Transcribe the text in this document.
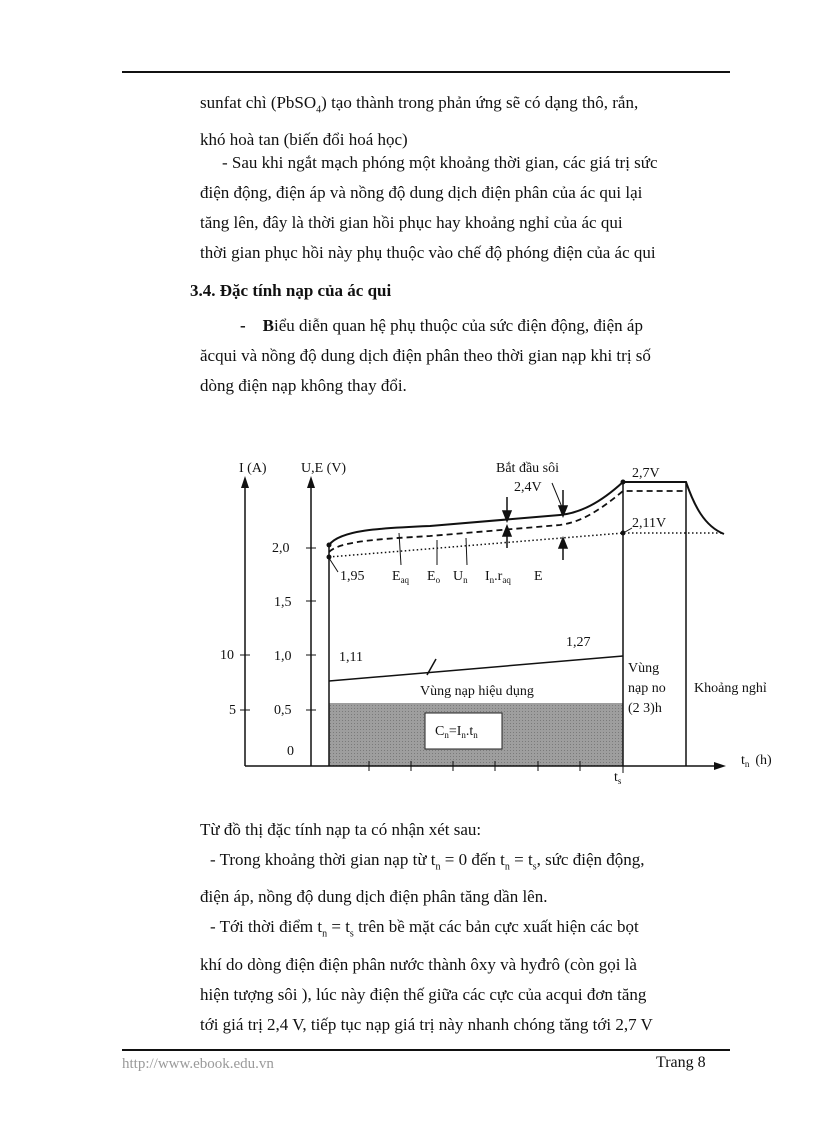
sunfat chì (PbSO$_4$) tạo thành trong phản ứng sẽ có dạng thô, rắn,
khó hoà tan (biến đổi hoá học)
- Sau khi ngắt mạch phóng một khoảng thời gian, các giá trị sức
điện động, điện áp và nồng độ dung dịch điện phân của ác qui lại
tăng lên, đây là thời gian hồi phục hay khoảng nghỉ của ác qui
thời gian phục hồi này phụ thuộc vào chế độ phóng điện của ác qui
3.4. Đặc tính nạp của ác qui
- Biểu diễn quan hệ phụ thuộc của sức điện động, điện áp
ăcqui và nồng độ dung dịch điện phân theo thời gian nạp khi trị số
dòng điện nạp không thay đổi.
I (A) U,E (V)
10
5
2,0
1,5
1,0
0,5
0
$t_n$ (h)
$t_s$
Bắt đầu sôi
2,4V
2,7V
2,11V
1,95 $E_{aq}$ $E_o$ $U_n$ $I_n.r_{aq}$ E
1,11
1,27
Vùng nạp hiệu dụng
$C_n=I_n.t_n$
Vùng
nạp no
(2 3)h
Khoảng nghỉ
Từ đồ thị đặc tính nạp ta có nhận xét sau:
- Trong khoảng thời gian nạp từ $t_n = 0$ đến $t_n = t_s$, sức điện động,
điện áp, nồng độ dung dịch điện phân tăng dần lên.
- Tới thời điểm $t_n = t_s$ trên bề mặt các bản cực xuất hiện các bọt
khí do dòng điện điện phân nước thành ôxy và hyđrô (còn gọi là
hiện tượng sôi ), lúc này điện thế giữa các cực của acqui đơn tăng
tới giá trị 2,4 V, tiếp tục nạp giá trị này nhanh chóng tăng tới 2,7 V
http://www.ebook.edu.vn	Trang 8
